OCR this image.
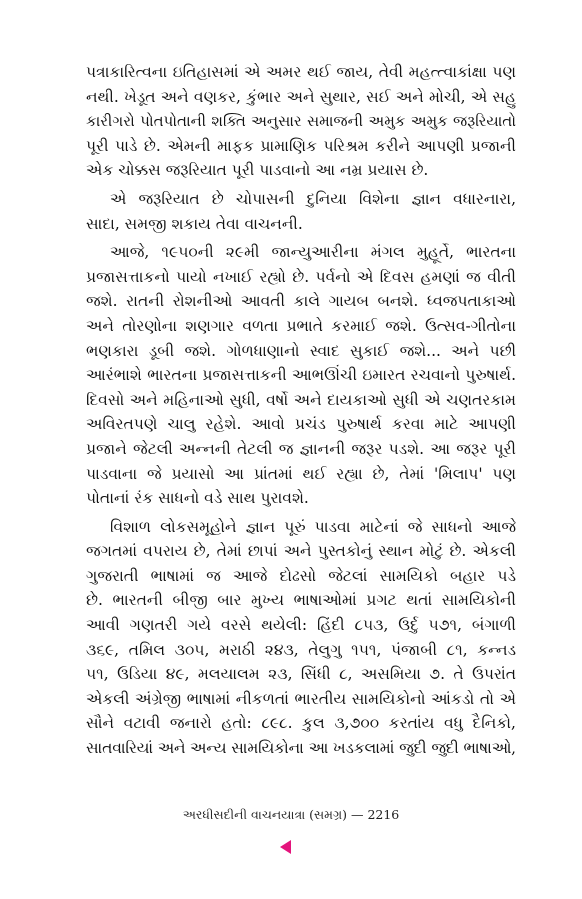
પત્રાકારિત્વના ઇતિહાસમાં એ અમર થઈ જાય, તેવી મહત્ત્વાકાંક્ષા પણ
નથી. ખેડૂત અને વણકર, કુંભાર અને સુથાર, સઈ અને મોચી, એ સહુ
કારીગરો પોતપોતાની શક્તિ અનુસાર સમાજની અમુક અમુક જરૂરિયાતો
પૂરી પાડે છે. એમની માફક પ્રામાણિક પરિશ્રમ કરીને આપણી પ્રજાની
એક ચોક્કસ જરૂરિયાત પૂરી પાડવાનો આ નમ્ર પ્રયાસ છે.

એ જરૂરિયાત છે ચોપાસની દુનિયા વિશેના જ્ઞાન વધારનારા,
સાદા, સમજી શકાય તેવા વાચનની.

આજે, ૧૯૫૦ની ૨૯મી જાન્યુઆરીના મંગલ મુહૂર્તે, ભારતના
પ્રજાસત્તાકનો પાયો નખાઈ રહ્યો છે. પર્વનો એ દિવસ હમણાં જ વીતી
જશે. રાતની રોશનીઓ આવતી કાલે ગાયબ બનશે. ધ્વજપતાકાઓ
અને તોરણોના શણગાર વળતા પ્રભાતે કરમાઈ જશે. ઉત્સવ-ગીતોના
ભણકારા ડૂબી જશે. ગોળધાણાનો સ્વાદ સુકાઈ જશે... અને પછી
આરંભાશે ભારતના પ્રજાસત્તાકની આભઊંચી ઇમારત રચવાનો પુરુષાર્થ.
દિવસો અને મહિનાઓ સુધી, વર્ષો અને દાયકાઓ સુધી એ ચણતરકામ
અવિરતપણે ચાલુ રહેશે. આવો પ્રચંડ પુરુષાર્થ કરવા માટે આપણી
પ્રજાને જેટલી અન્નની તેટલી જ જ્ઞાનની જરૂર પડશે. આ જરૂર પૂરી
પાડવાના જે પ્રયાસો આ પ્રાંતમાં થઈ રહ્યા છે, તેમાં 'મિલાપ' પણ
પોતાનાં રંક સાધનો વડે સાથ પુરાવશે.

વિશાળ લોકસમૂહોને જ્ઞાન પૂરું પાડવા માટેનાં જે સાધનો આજે
જગતમાં વપરાય છે, તેમાં છાપાં અને પુસ્તકોનું સ્થાન મોટું છે. એકલી
ગુજરાતી ભાષામાં જ આજે દોઢસો જેટલાં સામયિકો બહાર પડે
છે. ભારતની બીજી બાર મુખ્ય ભાષાઓમાં પ્રગટ થતાં સામયિકોની
આવી ગણતરી ગયે વરસે થયેલી: હિંદી ૮૫૩, ઉર્દુ ૫૭૧, બંગાળી
૩૬૯, તમિલ ૩૦૫, મરાઠી ૨૪૩, તેલુગુ ૧૫૧, પંજાબી ૮૧, કન્નડ
૫૧, ઉડિયા ૪૯, મલયાલમ ૨૩, સિંધી ૮, અસમિયા ૭. તે ઉપરાંત
એકલી અંગ્રેજી ભાષામાં નીકળતાં ભારતીય સામયિકોનો આંકડો તો એ
સૌને વટાવી જનારો હતો: ૮૯૮. કુલ ૩,૭૦૦ કરતાંય વધુ દૈનિકો,
સાતવારિયાં અને અન્ય સામયિકોના આ ખડકલામાં જુદી જુદી ભાષાઓ,

અરધીસદીની વાચનયાત્રા (સમગ્ર) — 2216
